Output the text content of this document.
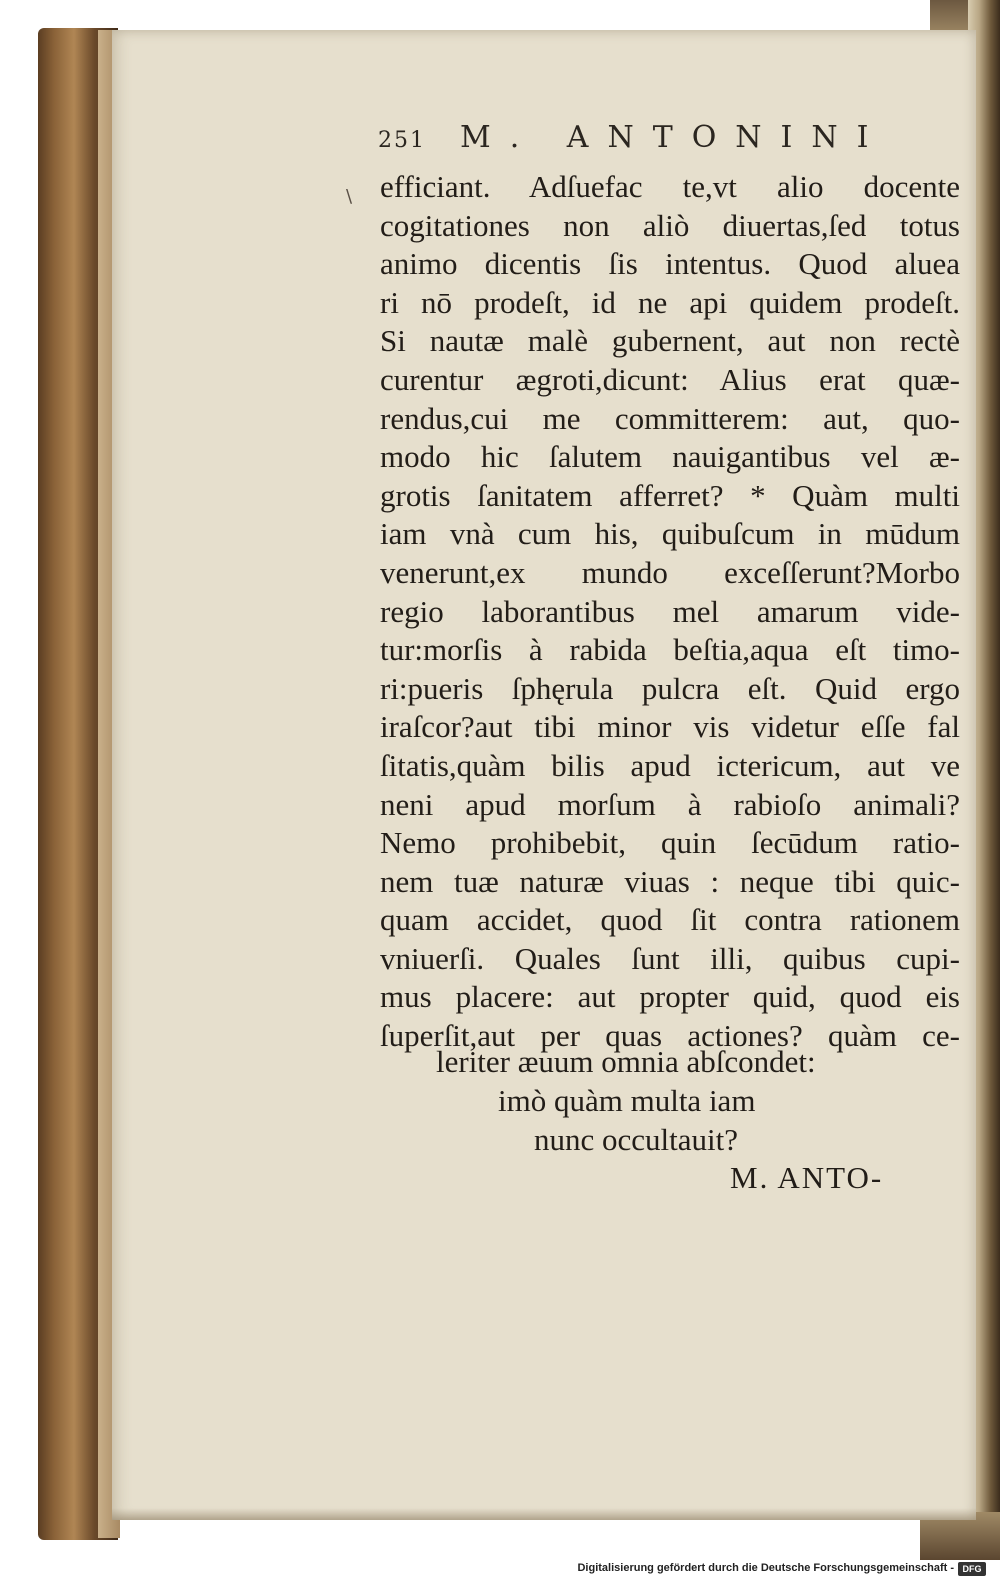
251 M. ANTONINI
\ efficiant. Adſuefac te,vt alio docente
cogitationes non aliò diuertas,ſed totus
animo dicentis ſis intentus. Quod aluea
ri nō prodeſt, id ne api quidem prodeſt.
Si nautæ malè gubernent, aut non rectè
curentur ægroti,dicunt: Alius erat quæ-
rendus,cui me committerem: aut, quo-
modo hic ſalutem nauigantibus vel æ-
grotis ſanitatem afferret? * Quàm multi
iam vnà cum his, quibuſcum in mūdum
venerunt,ex mundo exceſſerunt?Morbo
regio laborantibus mel amarum vide-
tur:morſis à rabida beſtia,aqua eſt timo-
ri:pueris ſphęrula pulcra eſt. Quid ergo
iraſcor?aut tibi minor vis videtur eſſe fal
ſitatis,quàm bilis apud ictericum, aut ve
neni apud morſum à rabioſo animali?
Nemo prohibebit, quin ſecūdum ratio-
nem tuæ naturæ viuas : neque tibi quic-
quam accidet, quod ſit contra rationem
vniuerſi. Quales ſunt illi, quibus cupi-
mus placere: aut propter quid, quod eis
ſuperſit,aut per quas actiones? quàm ce-
leriter æuum omnia abſcondet:
imò quàm multa iam
nunc occultauit?
M. ANTO-
Digitalisierung gefördert durch die Deutsche Forschungsgemeinschaft - DFG
